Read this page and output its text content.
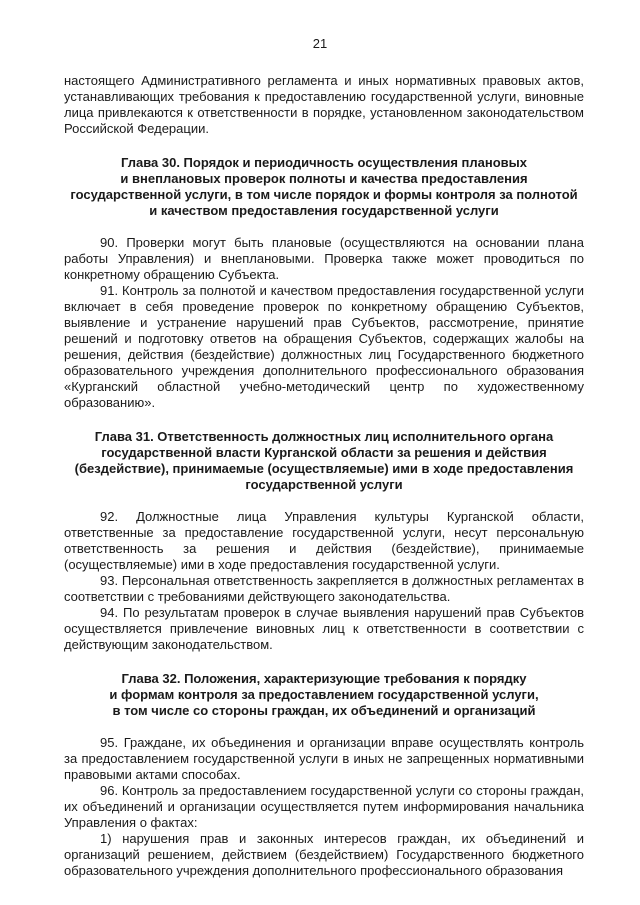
21

настоящего Административного регламента и иных нормативных правовых актов, устанавливающих требования к предоставлению государственной услуги, виновные лица привлекаются к ответственности в порядке, установленном законодательством Российской Федерации.

Глава 30. Порядок и периодичность осуществления плановых

и внеплановых проверок полноты и качества предоставления

государственной услуги, в том числе порядок и формы контроля за полнотой

и качеством предоставления государственной услуги

90. Проверки могут быть плановые (осуществляются на основании плана работы Управления) и внеплановыми. Проверка также может проводиться по конкретному обращению Субъекта.

91. Контроль за полнотой и качеством предоставления государственной услуги включает в себя проведение проверок по конкретному обращению Субъектов, выявление и устранение нарушений прав Субъектов, рассмотрение, принятие решений и подготовку ответов на обращения Субъектов, содержащих жалобы на решения, действия (бездействие) должностных лиц Государственного бюджетного образовательного учреждения дополнительного профессионального образования «Курганский областной учебно-методический центр по художественному образованию».

Глава 31. Ответственность должностных лиц исполнительного органа

государственной власти Курганской области за решения и действия

(бездействие), принимаемые (осуществляемые) ими в ходе предоставления

государственной услуги

92. Должностные лица Управления культуры Курганской области, ответственные за предоставление государственной услуги, несут персональную ответственность за решения и действия (бездействие), принимаемые (осуществляемые) ими в ходе предоставления государственной услуги.

93. Персональная ответственность закрепляется в должностных регламентах в соответствии с требованиями действующего законодательства.

94. По результатам проверок в случае выявления нарушений прав Субъектов осуществляется привлечение виновных лиц к ответственности в соответствии с действующим законодательством.

Глава 32. Положения, характеризующие требования к порядку

и формам контроля за предоставлением государственной услуги,

в том числе со стороны граждан, их объединений и организаций

95. Граждане, их объединения и организации вправе осуществлять контроль за предоставлением государственной услуги в иных не запрещенных нормативными правовыми актами способах.

96. Контроль за предоставлением государственной услуги со стороны граждан, их объединений и организации осуществляется путем информирования начальника Управления о фактах:

1) нарушения прав и законных интересов граждан, их объединений и организаций решением, действием (бездействием) Государственного бюджетного образовательного учреждения дополнительного профессионального образования
